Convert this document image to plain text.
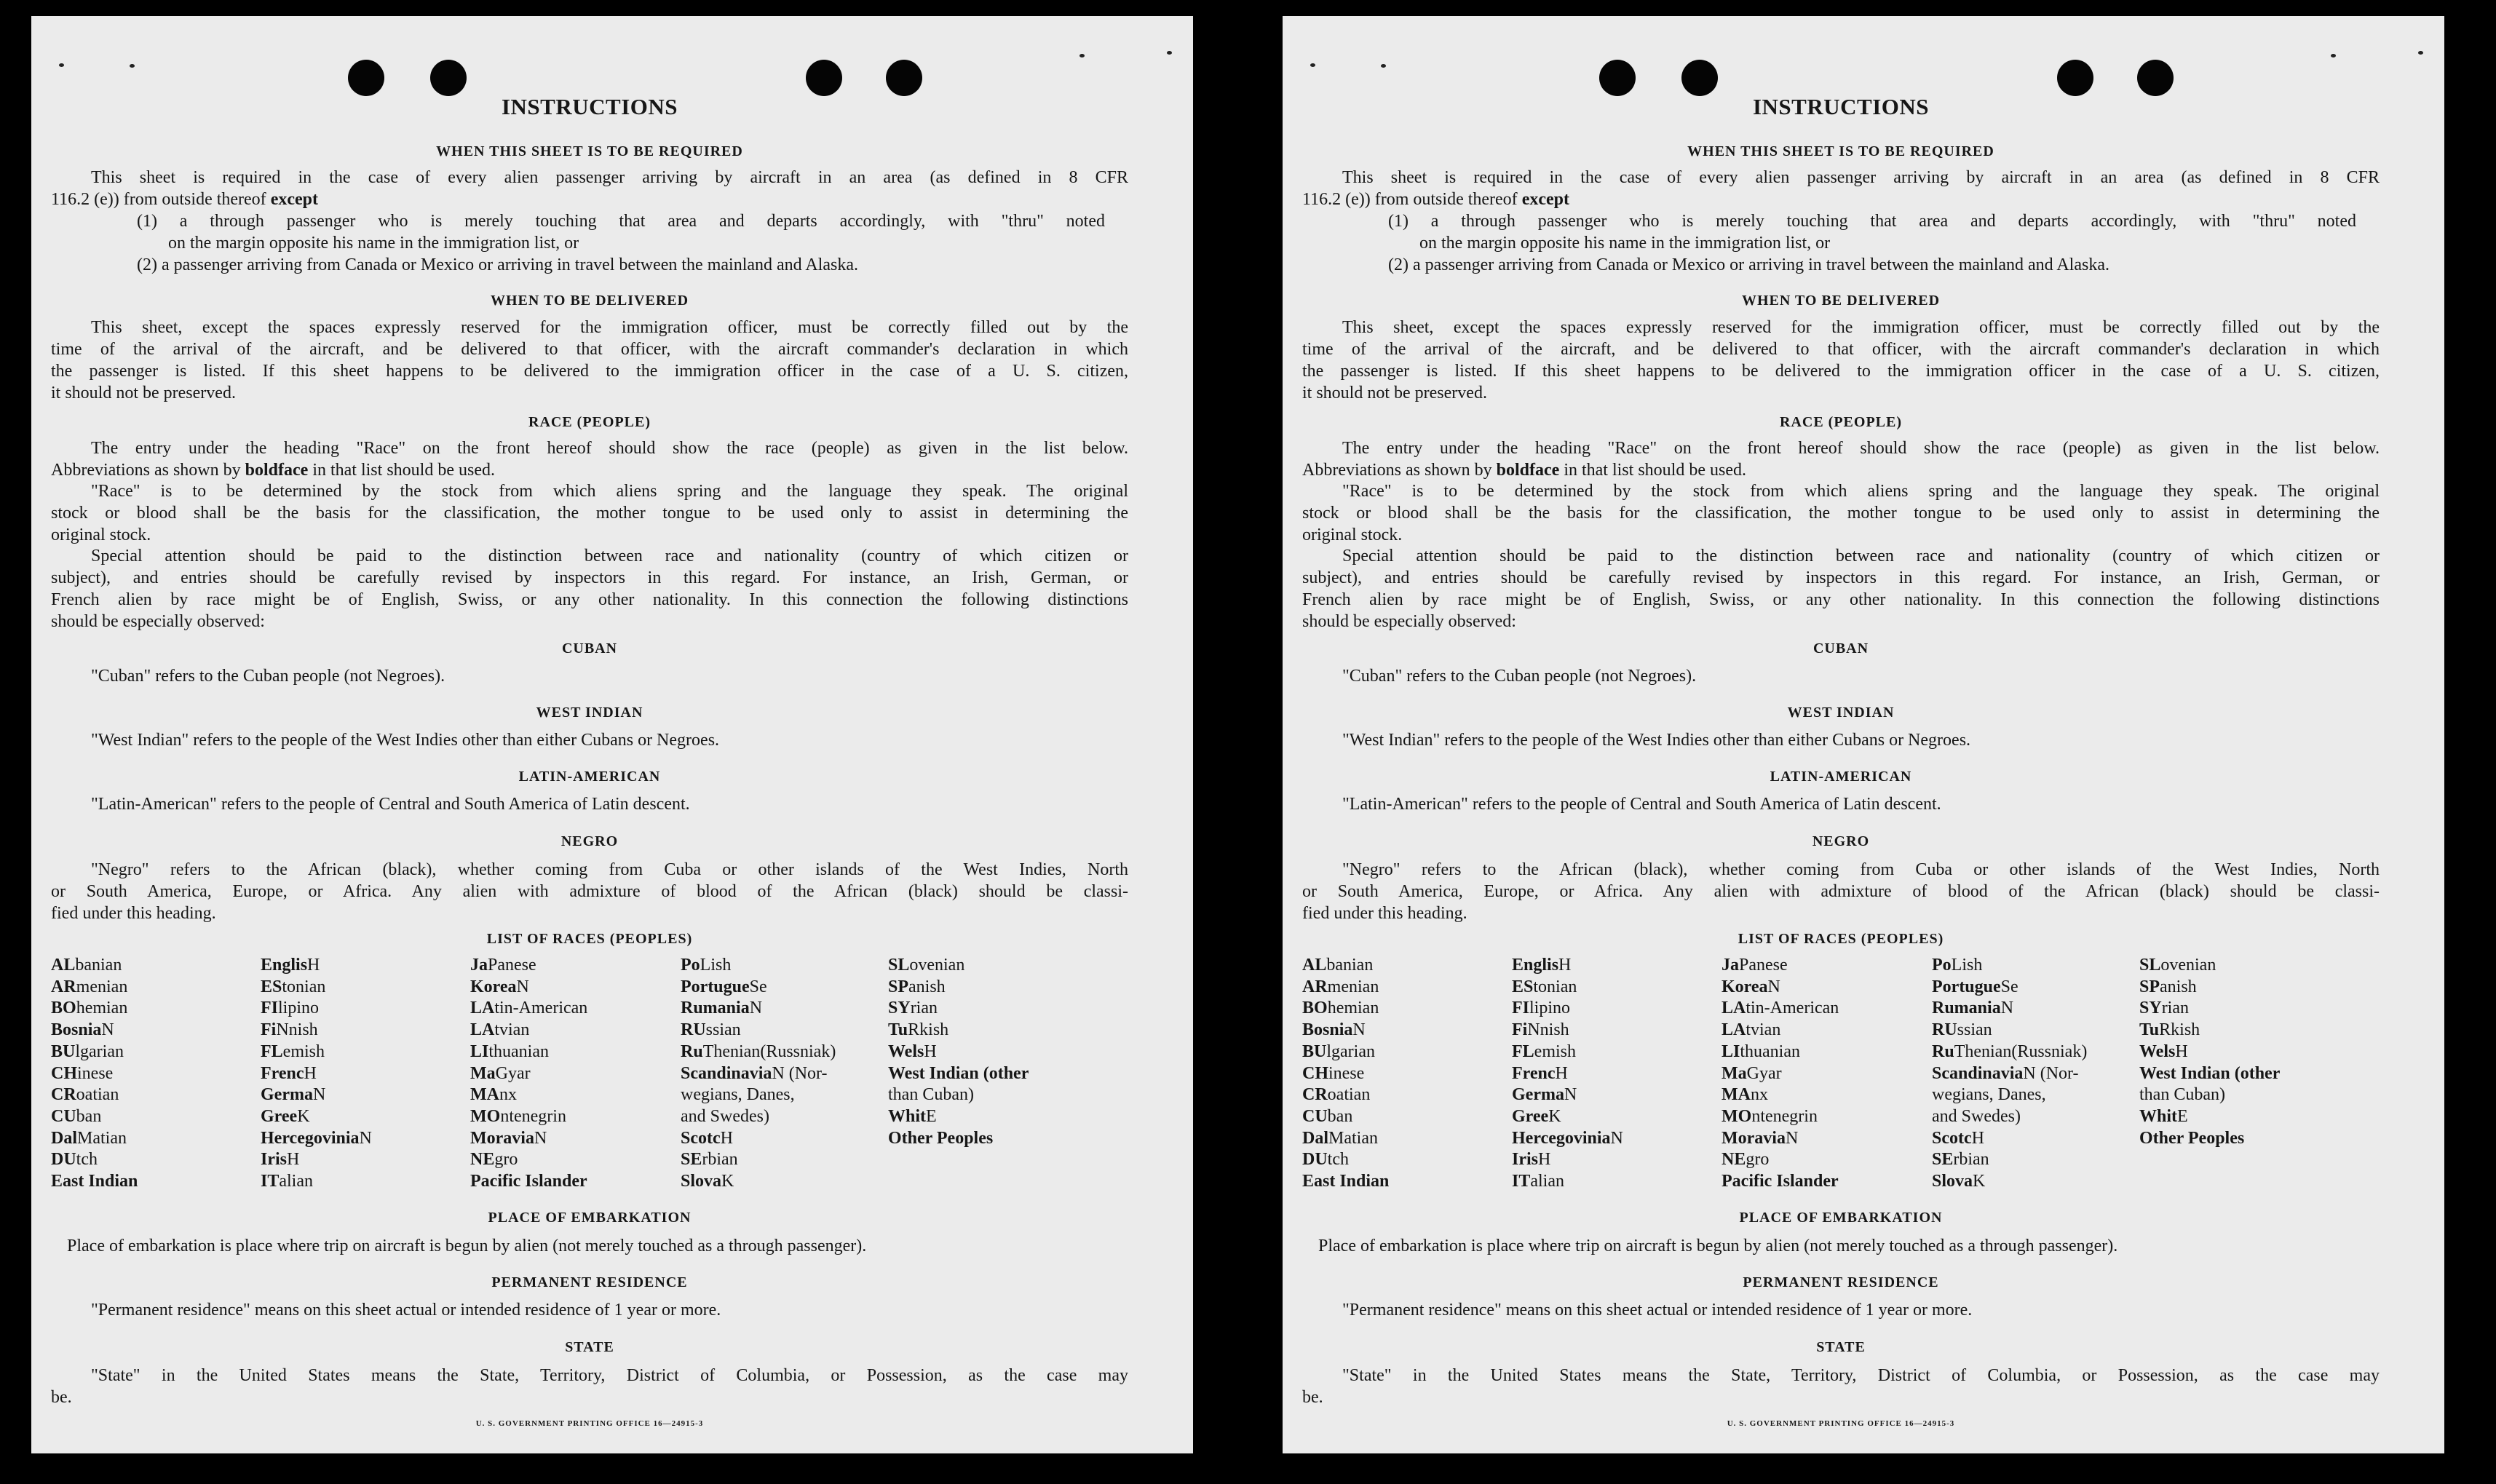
INSTRUCTIONS
WHEN THIS SHEET IS TO BE REQUIRED
This sheet is required in the case of every alien passenger arriving by aircraft in an area (as defined in 8 CFR
116.2 (e)) from outside thereof except
(1) a through passenger who is merely touching that area and departs accordingly, with "thru" noted
on the margin opposite his name in the immigration list, or
(2) a passenger arriving from Canada or Mexico or arriving in travel between the mainland and Alaska.
WHEN TO BE DELIVERED
This sheet, except the spaces expressly reserved for the immigration officer, must be correctly filled out by the
time of the arrival of the aircraft, and be delivered to that officer, with the aircraft commander's declaration in which
the passenger is listed. If this sheet happens to be delivered to the immigration officer in the case of a U. S. citizen,
it should not be preserved.
RACE (PEOPLE)
The entry under the heading "Race" on the front hereof should show the race (people) as given in the list below.
Abbreviations as shown by boldface in that list should be used.
"Race" is to be determined by the stock from which aliens spring and the language they speak. The original
stock or blood shall be the basis for the classification, the mother tongue to be used only to assist in determining the
original stock.
Special attention should be paid to the distinction between race and nationality (country of which citizen or
subject), and entries should be carefully revised by inspectors in this regard. For instance, an Irish, German, or
French alien by race might be of English, Swiss, or any other nationality. In this connection the following distinctions
should be especially observed:
CUBAN
"Cuban" refers to the Cuban people (not Negroes).
WEST INDIAN
"West Indian" refers to the people of the West Indies other than either Cubans or Negroes.
LATIN-AMERICAN
"Latin-American" refers to the people of Central and South America of Latin descent.
NEGRO
"Negro" refers to the African (black), whether coming from Cuba or other islands of the West Indies, North
or South America, Europe, or Africa. Any alien with admixture of blood of the African (black) should be classi-
fied under this heading.
LIST OF RACES (PEOPLES)
ALbanian
ARmenian
BOhemian
BosniaN
BUlgarian
CHinese
CRoatian
CUban
DalMatian
DUtch
East Indian
EnglisH
EStonian
FIlipino
FiNnish
FLemish
FrencH
GermaN
GreeK
HercegoviniaN
IrisH
ITalian
JaPanese
KoreaN
LAtin-American
LAtvian
LIthuanian
MaGyar
MAnx
MOntenegrin
MoraviaN
NEgro
Pacific Islander
PoLish
PortugueSe
RumaniaN
RUssian
RuThenian(Russniak)
ScandinaviaN (Nor-
wegians, Danes,
and Swedes)
ScotcH
SErbian
SlovaK
SLovenian
SPanish
SYrian
TuRkish
WelsH
West Indian (other
than Cuban)
WhitE
Other Peoples
PLACE OF EMBARKATION
Place of embarkation is place where trip on aircraft is begun by alien (not merely touched as a through passenger).
PERMANENT RESIDENCE
"Permanent residence" means on this sheet actual or intended residence of 1 year or more.
STATE
"State" in the United States means the State, Territory, District of Columbia, or Possession, as the case may
be.
U. S. GOVERNMENT PRINTING OFFICE 16—24915-3
INSTRUCTIONS
WHEN THIS SHEET IS TO BE REQUIRED
This sheet is required in the case of every alien passenger arriving by aircraft in an area (as defined in 8 CFR
116.2 (e)) from outside thereof except
(1) a through passenger who is merely touching that area and departs accordingly, with "thru" noted
on the margin opposite his name in the immigration list, or
(2) a passenger arriving from Canada or Mexico or arriving in travel between the mainland and Alaska.
WHEN TO BE DELIVERED
This sheet, except the spaces expressly reserved for the immigration officer, must be correctly filled out by the
time of the arrival of the aircraft, and be delivered to that officer, with the aircraft commander's declaration in which
the passenger is listed. If this sheet happens to be delivered to the immigration officer in the case of a U. S. citizen,
it should not be preserved.
RACE (PEOPLE)
The entry under the heading "Race" on the front hereof should show the race (people) as given in the list below.
Abbreviations as shown by boldface in that list should be used.
"Race" is to be determined by the stock from which aliens spring and the language they speak. The original
stock or blood shall be the basis for the classification, the mother tongue to be used only to assist in determining the
original stock.
Special attention should be paid to the distinction between race and nationality (country of which citizen or
subject), and entries should be carefully revised by inspectors in this regard. For instance, an Irish, German, or
French alien by race might be of English, Swiss, or any other nationality. In this connection the following distinctions
should be especially observed:
CUBAN
"Cuban" refers to the Cuban people (not Negroes).
WEST INDIAN
"West Indian" refers to the people of the West Indies other than either Cubans or Negroes.
LATIN-AMERICAN
"Latin-American" refers to the people of Central and South America of Latin descent.
NEGRO
"Negro" refers to the African (black), whether coming from Cuba or other islands of the West Indies, North
or South America, Europe, or Africa. Any alien with admixture of blood of the African (black) should be classi-
fied under this heading.
LIST OF RACES (PEOPLES)
ALbanian
ARmenian
BOhemian
BosniaN
BUlgarian
CHinese
CRoatian
CUban
DalMatian
DUtch
East Indian
EnglisH
EStonian
FIlipino
FiNnish
FLemish
FrencH
GermaN
GreeK
HercegoviniaN
IrisH
ITalian
JaPanese
KoreaN
LAtin-American
LAtvian
LIthuanian
MaGyar
MAnx
MOntenegrin
MoraviaN
NEgro
Pacific Islander
PoLish
PortugueSe
RumaniaN
RUssian
RuThenian(Russniak)
ScandinaviaN (Nor-
wegians, Danes,
and Swedes)
ScotcH
SErbian
SlovaK
SLovenian
SPanish
SYrian
TuRkish
WelsH
West Indian (other
than Cuban)
WhitE
Other Peoples
PLACE OF EMBARKATION
Place of embarkation is place where trip on aircraft is begun by alien (not merely touched as a through passenger).
PERMANENT RESIDENCE
"Permanent residence" means on this sheet actual or intended residence of 1 year or more.
STATE
"State" in the United States means the State, Territory, District of Columbia, or Possession, as the case may
be.
U. S. GOVERNMENT PRINTING OFFICE 16—24915-3
